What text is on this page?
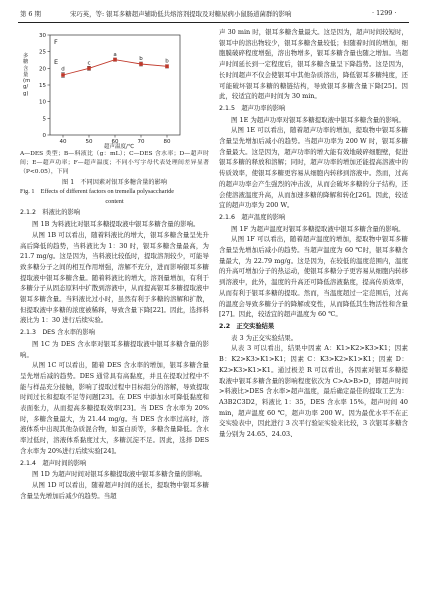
第 6 期	宋巧英，等: 银耳多糖超声辅助低共熔溶剂提取及对糖尿病小鼠肠道菌群的影响	· 1299 ·
0
5
10
15
20
25
30
40	50	60	70	80
F
E
d
c
a
b	b
多糖含量(mg/g)
超声温度/℃

A—DES 类型；B—料液比（g：mL）；C—DES 含水率；D—超声时间；E—超声功率；F—超声温度；不同小写字母代表处理间差异显著（P<0.05），下同

图 1　不同因素对银耳多糖含量的影响

Fig. 1　Effects of different factors on tremella polysaccharide

content

2.1.2　料液比的影响

图 1B 为料液比对银耳多糖提取液中银耳多糖含量的影响。

从图 1B 可以看出，随着料液比的增大，银耳多糖含量呈先升高后降低的趋势，当料液比为 1：30 时，银耳多糖含量最高，为 21.7 mg/g。这是因为，当料液比较低时，提取溶剂较少，可能导致多糖分子之间的相互作用增强，溶解不充分，进而影响银耳多糖提取液中银耳多糖含量。随着料液比的增大，溶剂量增加，有利于多糖分子从固态原料中扩散到溶液中，从而提高银耳多糖提取液中银耳多糖含量。当料液比过小时，虽然有利于多糖的溶解和扩散，但提取液中多糖的浓度被稀释，导致含量下降[22]。因此，选择料液比为 1：30 进行后续实验。

2.1.3　DES 含水率的影响

图 1C 为 DES 含水率对银耳多糖提取液中银耳多糖含量的影响。

从图 1C 可以看出，随着 DES 含水率的增加，银耳多糖含量呈先增后减的趋势。DES 通常具有高黏度，并且在提取过程中不能与样品充分接触，影响了提取过程中目标组分的溶解，导致提取时间过长和提取不足等问题[23]。在 DES 中添加水可降低黏度和表面张力，从而提高多糖提取效率[23]。当 DES 含水率为 20%时，多糖含量最大，为 21.44 mg/g。当 DES 含水率过高时，溶液体系中出现其他杂质混合物，如蛋白质等，多糖含量降低。含水率过低时，溶液体系黏度过大，多糖沉淀不足。因此，选择 DES 含水率为 20%进行后续实验[24]。

2.1.4　超声时间的影响

图 1D 为超声时间对银耳多糖提取液中银耳多糖含量的影响。

从图 1D 可以看出，随着超声时间的延长，提取物中银耳多糖含量呈先增加后减少的趋势。当超

声 30 min 时，银耳多糖含量最大。这是因为，超声时间较短时，银耳中的溶出物较少，银耳多糖含量较低；但随着时间的增加，细胞膜破碎程度增强，溶出物增多，银耳多糖含量也随之增加。当超声时间延长到一定程度后，银耳多糖含量呈下降趋势。这是因为，长时间超声不仅会使银耳中其他杂质溶出，降低银耳多糖纯度，还可能破坏银耳多糖的糖链结构，导致银耳多糖含量下降[25]。因此，较适宜的超声时间为 30 min。

2.1.5　超声功率的影响

图 1E 为超声功率对银耳多糖提取液中银耳多糖含量的影响。

从图 1E 可以看出，随着超声功率的增加，提取物中银耳多糖含量呈先增加后减小的趋势。当超声功率为 200 W 时，银耳多糖含量最大。这是因为，超声功率的增大能有效地破碎细胞壁，促进银耳多糖的释放和溶解；同时，超声功率的增加还能提高溶液中的传质效率，使银耳多糖更容易从细胞内转移到溶液中。然而，过高的超声功率会产生强烈的冲击波，从而会破坏多糖的分子结构，还会使溶液温度升高，从而加速多糖的降解和转化[26]。因此，较适宜的超声功率为 200 W。

2.1.6　超声温度的影响

图 1F 为超声温度对银耳多糖提取液中银耳多糖含量的影响。

从图 1F 可以看出，随着超声温度的增加，提取物中银耳多糖含量呈先增加后减小的趋势。当超声温度为 60 ℃时，银耳多糖含量最大，为 22.79 mg/g。这是因为，在较低的温度范围内，温度的升高可增加分子的热运动，使银耳多糖分子更容易从细胞内转移到溶液中，此外，温度的升高还可降低溶液黏度，提高传质效率，从而有利于银耳多糖的提取。然而，当温度超过一定范围后，过高的温度会导致多糖分子的降解或变性，从而降低其生物活性和含量[27]。因此，较适宜的超声温度为 60 ℃。

2.2　正交实验结果

表 3 为正交实验结果。

从表 3 可以看出，结果中因素 A：K1>K2>K3>K1；因素 B：K2>K3>K1>K1；因素 C：K3>K2>K1>K1；因素 D：K2>K3>K1>K1。通过极差 R 可以看出，各因素对银耳多糖提取液中银耳多糖含量的影响程度依次为 C>A>B>D，即超声时间>料液比>DES 含水率>超声温度，最后确定最佳的提取工艺为：A3B2C3D2，料液比 1：35，DES 含水率 15%，超声时间 40 min，超声温度 60 ℃，超声功率 200 W。因为最优水平不在正交实验表中，因此进行 3 次平行验证实验来比较，3 次银耳多糖含量分别为 24.65、24.03、
